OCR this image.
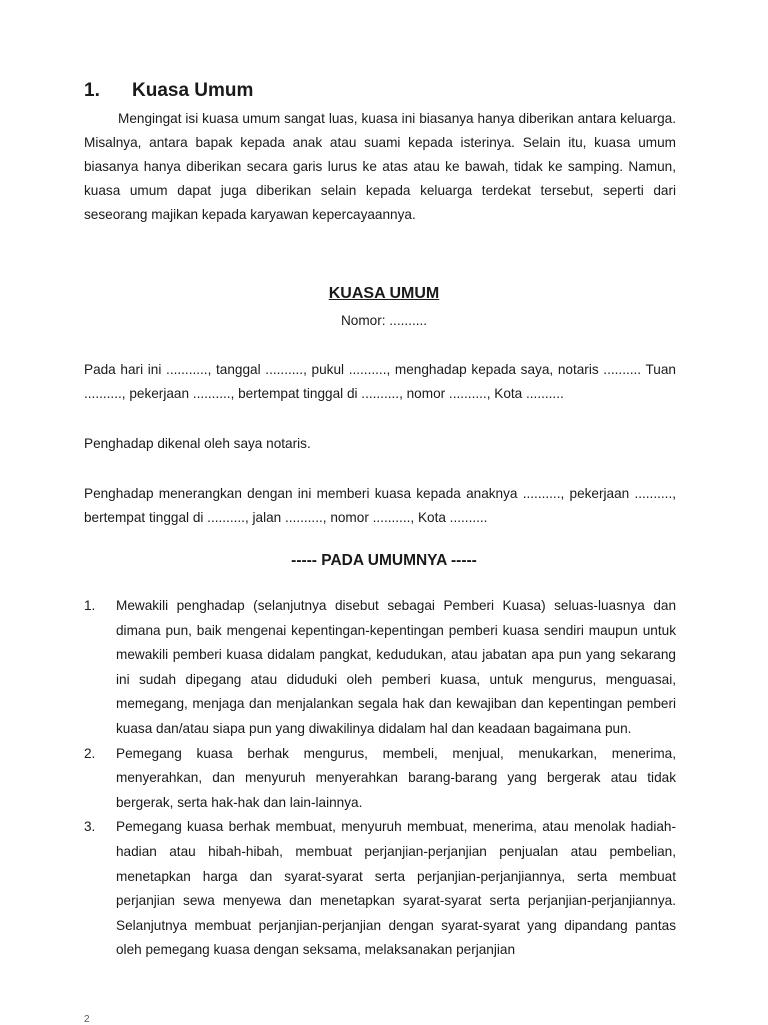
1. Kuasa Umum

Mengingat isi kuasa umum sangat luas, kuasa ini biasanya hanya diberikan antara keluarga. Misalnya, antara bapak kepada anak atau suami kepada isterinya. Selain itu, kuasa umum biasanya hanya diberikan secara garis lurus ke atas atau ke bawah, tidak ke samping. Namun, kuasa umum dapat juga diberikan selain kepada keluarga terdekat tersebut, seperti dari seseorang majikan kepada karyawan kepercayaannya.

KUASA UMUM

Nomor: ..........

Pada hari ini ..........., tanggal .........., pukul .........., menghadap kepada saya, notaris .......... Tuan .........., pekerjaan .........., bertempat tinggal di .........., nomor .........., Kota ..........

Penghadap dikenal oleh saya notaris.

Penghadap menerangkan dengan ini memberi kuasa kepada anaknya .........., pekerjaan .........., bertempat tinggal di .........., jalan .........., nomor .........., Kota ..........

----- PADA UMUMNYA -----
1.	Mewakili penghadap (selanjutnya disebut sebagai Pemberi Kuasa) seluas-luasnya dan dimana pun, baik mengenai kepentingan-kepentingan pemberi kuasa sendiri maupun untuk mewakili pemberi kuasa didalam pangkat, kedudukan, atau jabatan apa pun yang sekarang ini sudah dipegang atau diduduki oleh pemberi kuasa, untuk mengurus, menguasai, memegang, menjaga dan menjalankan segala hak dan kewajiban dan kepentingan pemberi kuasa dan/atau siapa pun yang diwakilinya didalam hal dan keadaan bagaimana pun.
2.	Pemegang kuasa berhak mengurus, membeli, menjual, menukarkan, menerima, menyerahkan, dan menyuruh menyerahkan barang-barang yang bergerak atau tidak bergerak, serta hak-hak dan lain-lainnya.
3.	Pemegang kuasa berhak membuat, menyuruh membuat, menerima, atau menolak hadiah-hadian atau hibah-hibah, membuat perjanjian-perjanjian penjualan atau pembelian, menetapkan harga dan syarat-syarat serta perjanjian-perjanjiannya, serta membuat perjanjian sewa menyewa dan menetapkan syarat-syarat serta perjanjian-perjanjiannya. Selanjutnya membuat perjanjian-perjanjian dengan syarat-syarat yang dipandang pantas oleh pemegang kuasa dengan seksama, melaksanakan perjanjian
2
